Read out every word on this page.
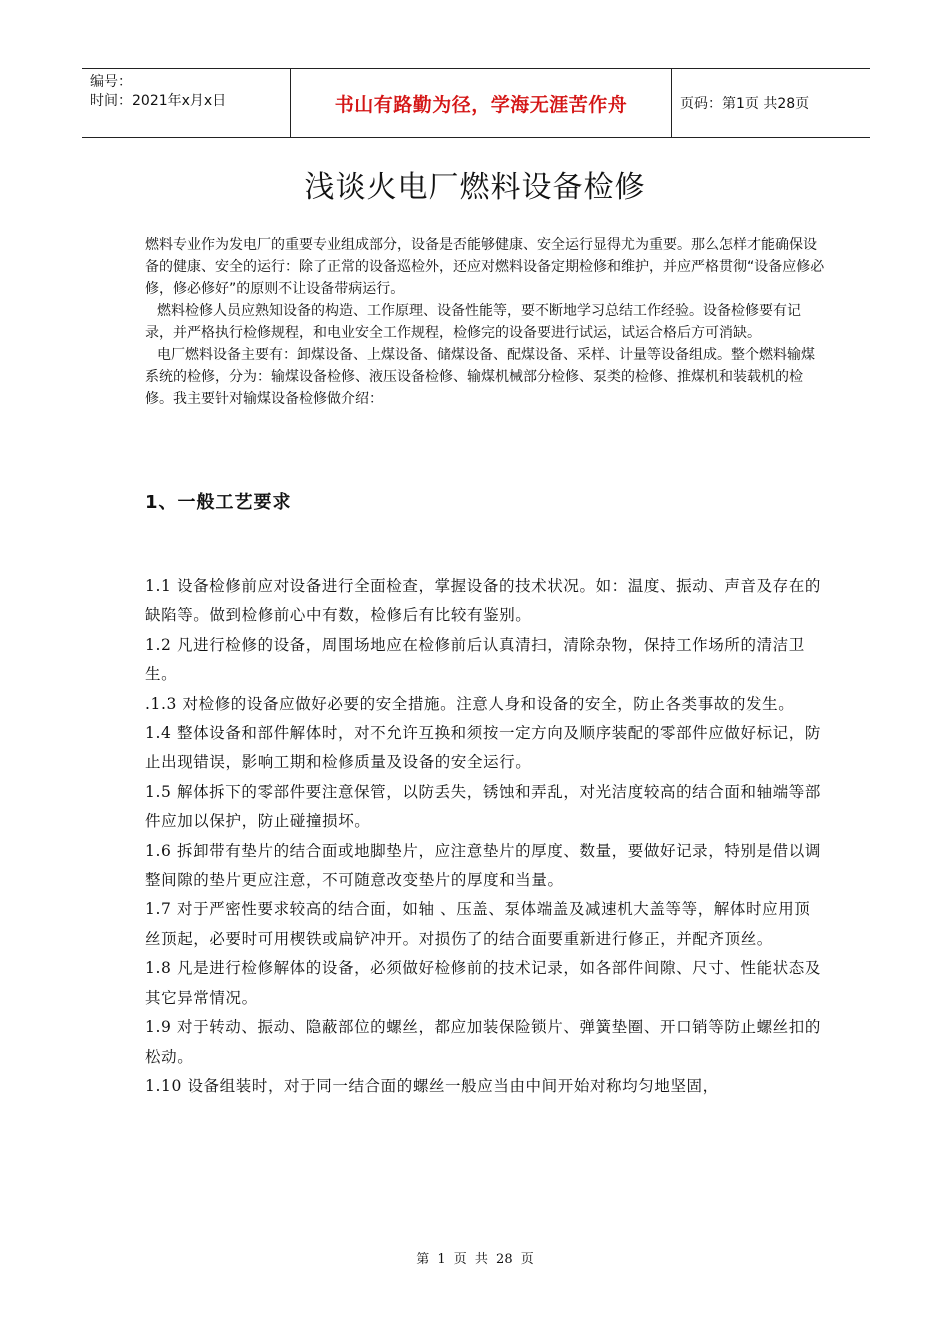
编号：
时间：2021年x月x日	书山有路勤为径，学海无涯苦作舟	页码：第1页 共28页
浅谈火电厂燃料设备检修

燃料专业作为发电厂的重要专业组成部分，设备是否能够健康、安全运行显得尤为重要。那么怎样才能确保设备的健康、安全的运行：除了正常的设备巡检外，还应对燃料设备定期检修和维护，并应严格贯彻“设备应修必修，修必修好”的原则不让设备带病运行。

燃料检修人员应熟知设备的构造、工作原理、设备性能等，要不断地学习总结工作经验。设备检修要有记录，并严格执行检修规程，和电业安全工作规程，检修完的设备要进行试运，试运合格后方可消缺。

电厂燃料设备主要有：卸煤设备、上煤设备、储煤设备、配煤设备、采样、计量等设备组成。整个燃料输煤系统的检修，分为：输煤设备检修、液压设备检修、输煤机械部分检修、泵类的检修、推煤机和装载机的检修。我主要针对输煤设备检修做介绍：

1、一般工艺要求

1.1 设备检修前应对设备进行全面检查，掌握设备的技术状况。如：温度、振动、声音及存在的缺陷等。做到检修前心中有数，检修后有比较有鉴别。

1.2 凡进行检修的设备，周围场地应在检修前后认真清扫，清除杂物，保持工作场所的清洁卫生。

.1.3 对检修的设备应做好必要的安全措施。注意人身和设备的安全，防止各类事故的发生。

1.4 整体设备和部件解体时，对不允许互换和须按一定方向及顺序装配的零部件应做好标记，防止出现错误，影响工期和检修质量及设备的安全运行。

1.5 解体拆下的零部件要注意保管，以防丢失，锈蚀和弄乱，对光洁度较高的结合面和轴端等部件应加以保护，防止碰撞损坏。

1.6 拆卸带有垫片的结合面或地脚垫片，应注意垫片的厚度、数量，要做好记录，特别是借以调整间隙的垫片更应注意，不可随意改变垫片的厚度和当量。

1.7 对于严密性要求较高的结合面，如轴 、压盖、泵体端盖及减速机大盖等等，解体时应用顶丝顶起，必要时可用楔铁或扁铲冲开。对损伤了的结合面要重新进行修正，并配齐顶丝。

1.8 凡是进行检修解体的设备，必须做好检修前的技术记录，如各部件间隙、尺寸、性能状态及其它异常情况。

1.9 对于转动、振动、隐蔽部位的螺丝，都应加装保险锁片、弹簧垫圈、开口销等防止螺丝扣的松动。

1.10 设备组装时，对于同一结合面的螺丝一般应当由中间开始对称均匀地坚固，

第 1 页 共 28 页
